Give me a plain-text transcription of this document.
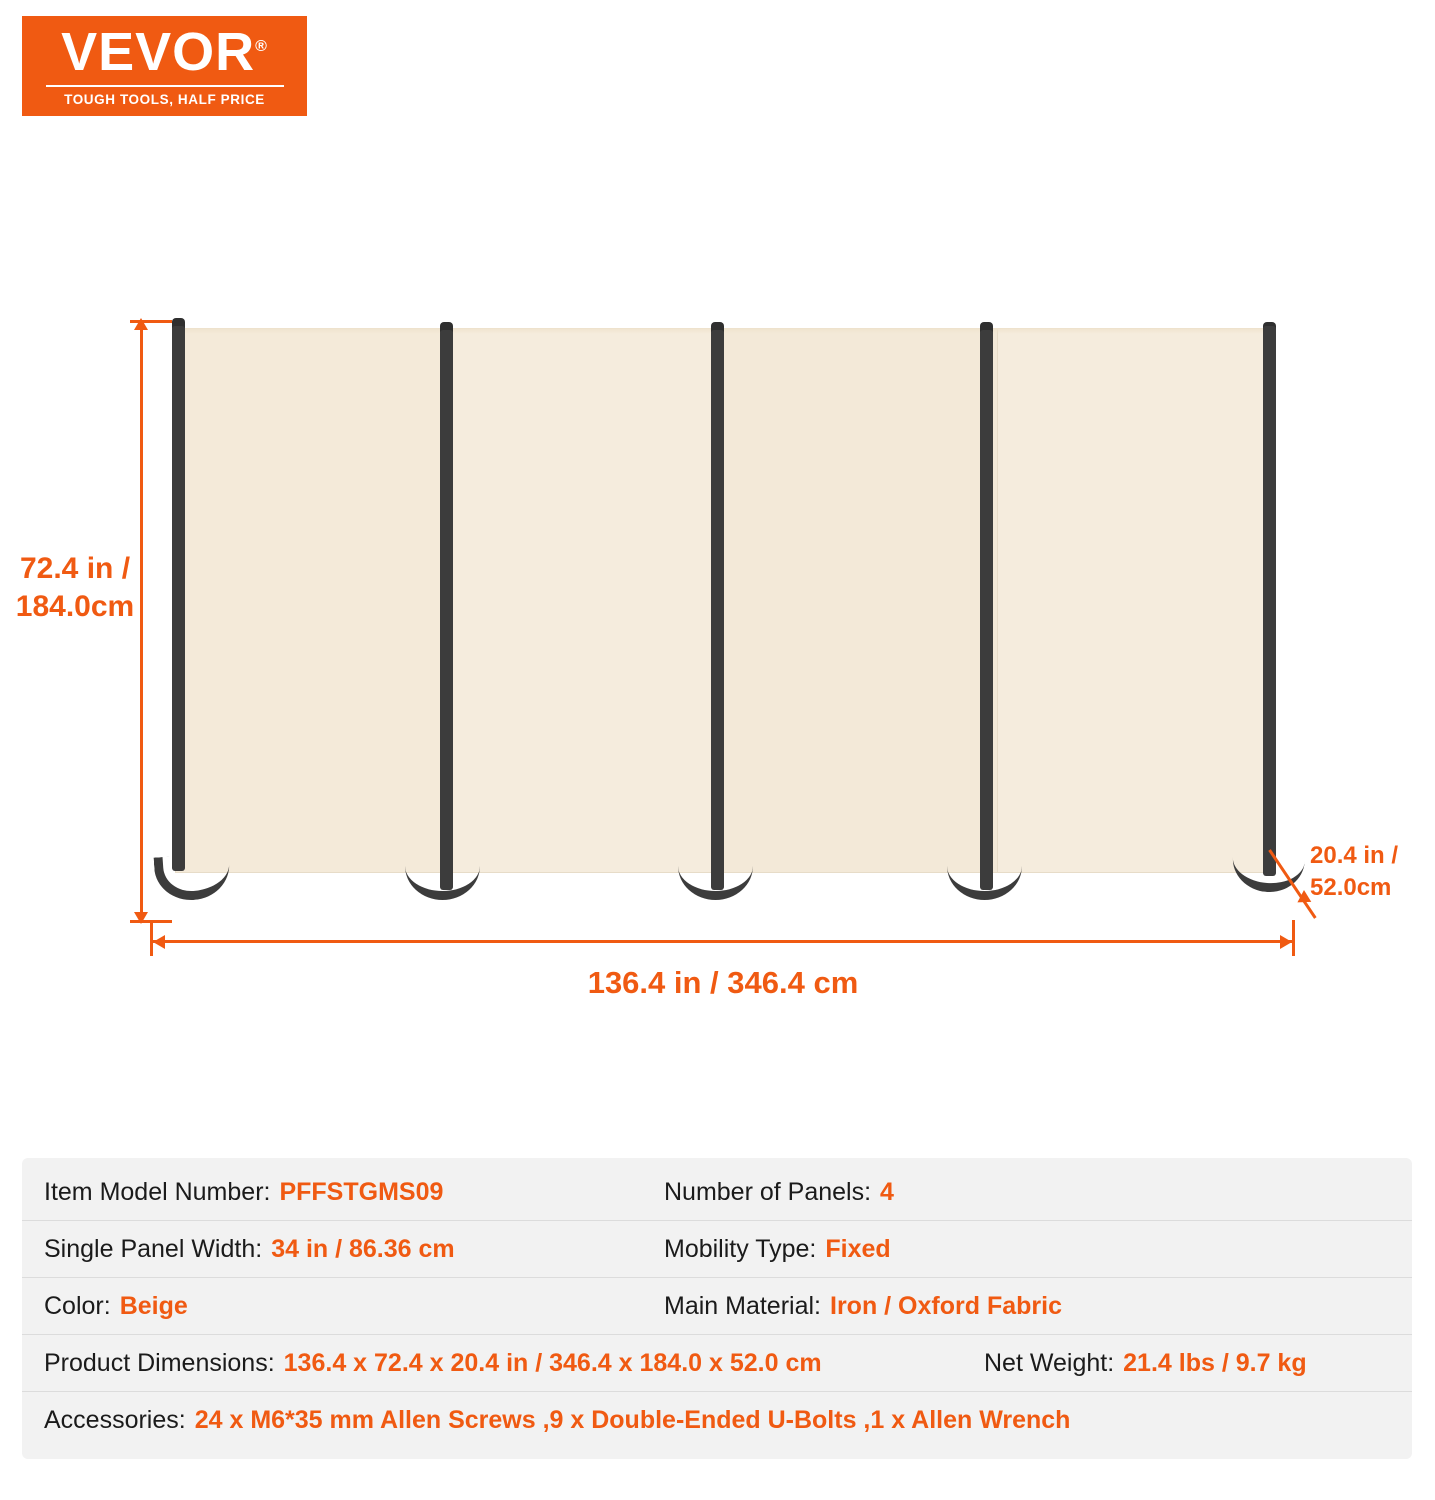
VEVOR®
TOUGH TOOLS, HALF PRICE
72.4 in / 184.0cm
20.4 in / 52.0cm
136.4 in / 346.4 cm
Item Model Number: PFFSTGMS09	Number of Panels: 4
Single Panel Width: 34 in / 86.36 cm	Mobility Type: Fixed
Color: Beige	Main Material: Iron / Oxford Fabric
Product Dimensions: 136.4 x 72.4 x 20.4 in / 346.4 x 184.0 x 52.0 cm	Net Weight: 21.4 lbs / 9.7 kg
Accessories: 24 x M6*35 mm Allen Screws ,9 x Double-Ended U-Bolts ,1 x Allen Wrench
